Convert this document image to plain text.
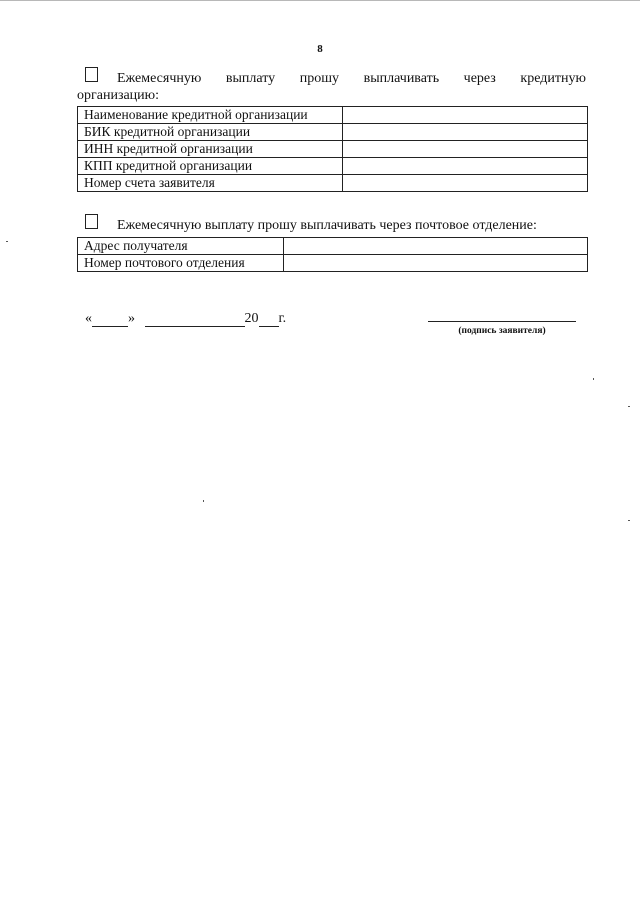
8
Ежемесячную выплату прошу выплачивать через кредитную
организацию:
Наименование кредитной организации	
БИК кредитной организации	
ИНН кредитной организации	
КПП кредитной организации	
Номер счета заявителя	
Ежемесячную выплату прошу выплачивать через почтовое отделение:
Адрес получателя	
Номер почтового отделения	
«	»	20 г.
(подпись заявителя)
